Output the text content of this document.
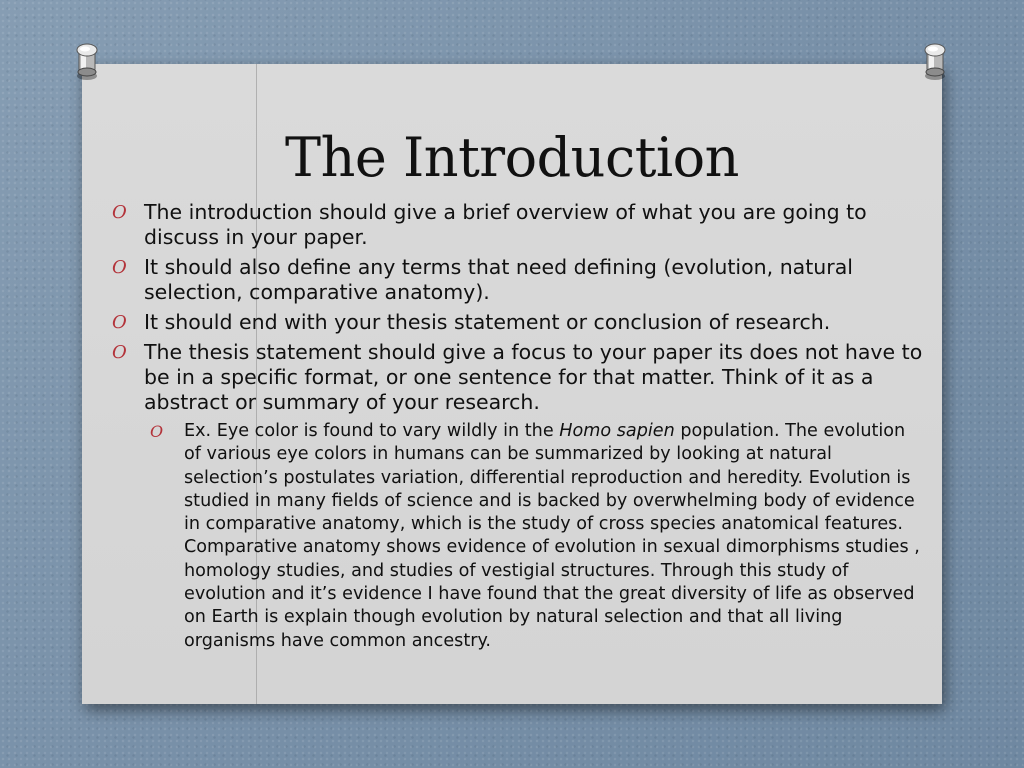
The Introduction
O The introduction should give a brief overview of what you are going to discuss in your paper.
O It should also define any terms that need defining (evolution, natural selection, comparative anatomy).
O It should end with your thesis statement or conclusion of research.
O The thesis statement should give a focus to your paper its does not have to be in a specific format, or one sentence for that matter. Think of it as a abstract or summary of your research.
O Ex. Eye color is found to vary wildly in the Homo sapien population. The evolution of various eye colors in humans can be summarized by looking at natural selection’s postulates variation, differential reproduction and heredity. Evolution is studied in many fields of science and is backed by overwhelming body of evidence in comparative anatomy, which is the study of cross species anatomical features. Comparative anatomy shows evidence of evolution in sexual dimorphisms studies , homology studies, and studies of vestigial structures. Through this study of evolution and it’s evidence I have found that the great diversity of life as observed on Earth is explain though evolution by natural selection and that all living organisms have common ancestry.
